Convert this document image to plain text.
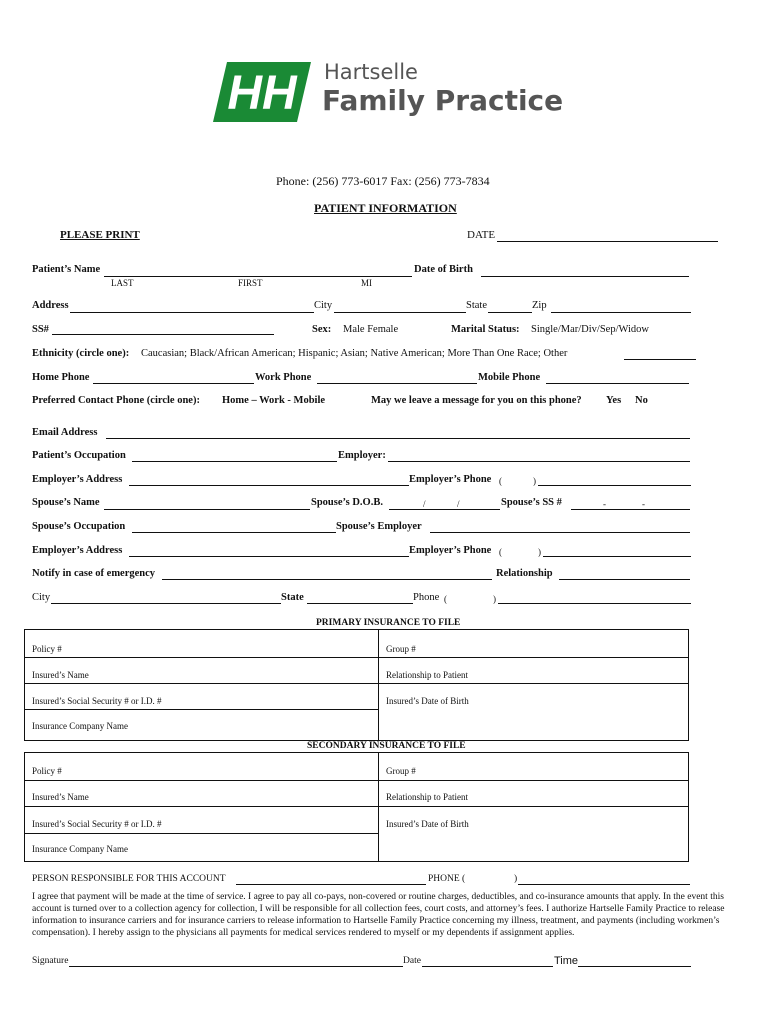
HH Hartselle
Family Practice
Phone: (256) 773-6017 Fax: (256) 773-7834
PATIENT INFORMATION
PLEASE PRINT	DATE
Patient’s Name	Date of Birth
LAST	FIRST	MI
Address	City	State	Zip
SS#	Sex: Male Female	Marital Status: Single/Mar/Div/Sep/Widow
Ethnicity (circle one): Caucasian; Black/African American; Hispanic; Asian; Native American; More Than One Race; Other
Home Phone	Work Phone	Mobile Phone
Preferred Contact Phone (circle one): Home – Work - Mobile	May we leave a message for you on this phone? Yes No
Email Address
Patient’s Occupation	Employer:
Employer’s Address	Employer’s Phone (	)
Spouse’s Name	Spouse’s D.O.B.	/	/	Spouse’s SS #	-	-
Spouse’s Occupation	Spouse’s Employer
Employer’s Address	Employer’s Phone (	)
Notify in case of emergency	Relationship
City	State	Phone (	)
PRIMARY INSURANCE TO FILE
Policy #	Group #
Insured’s Name	Relationship to Patient
Insured’s Social Security # or I.D. #	Insured’s Date of Birth
Insurance Company Name
SECONDARY INSURANCE TO FILE
Policy #	Group #
Insured’s Name	Relationship to Patient
Insured’s Social Security # or I.D. #	Insured’s Date of Birth
Insurance Company Name
PERSON RESPONSIBLE FOR THIS ACCOUNT	PHONE (	)
I agree that payment will be made at the time of service. I agree to pay all co-pays, non-covered or routine charges, deductibles, and co-insurance amounts that apply. In the event this account is turned over to a collection agency for collection, I will be responsible for all collection fees, court costs, and attorney’s fees. I authorize Hartselle Family Practice to release information to insurance carriers and for insurance carriers to release information to Hartselle Family Practice concerning my illness, treatment, and payments (including workmen’s compensation). I hereby assign to the physicians all payments for medical services rendered to myself or my dependents if assignment applies.
Signature	Date	Time
